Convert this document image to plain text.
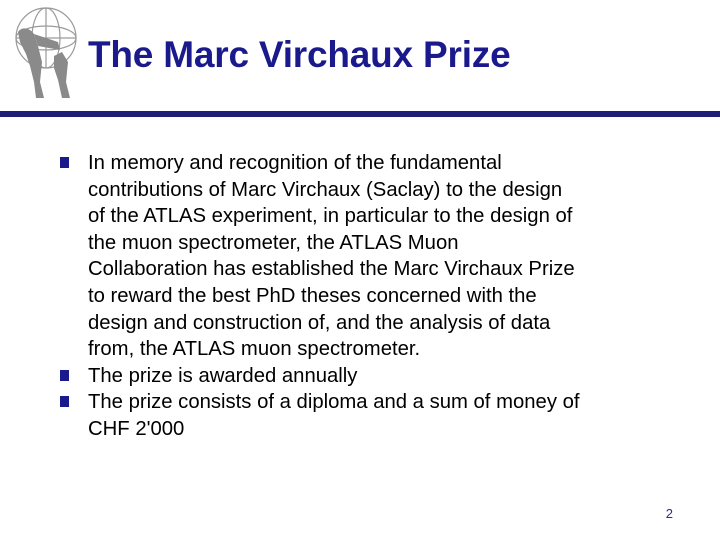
The Marc Virchaux Prize
In memory and recognition of the fundamental
contributions of Marc Virchaux (Saclay) to the design
of the ATLAS experiment, in particular to the design of
the muon spectrometer, the ATLAS Muon
Collaboration has established the Marc Virchaux Prize
to reward the best PhD theses concerned with the
design and construction of, and the analysis of data
from, the ATLAS muon spectrometer.
The prize is awarded annually
The prize consists of a diploma and a sum of money of
CHF 2'000
2
